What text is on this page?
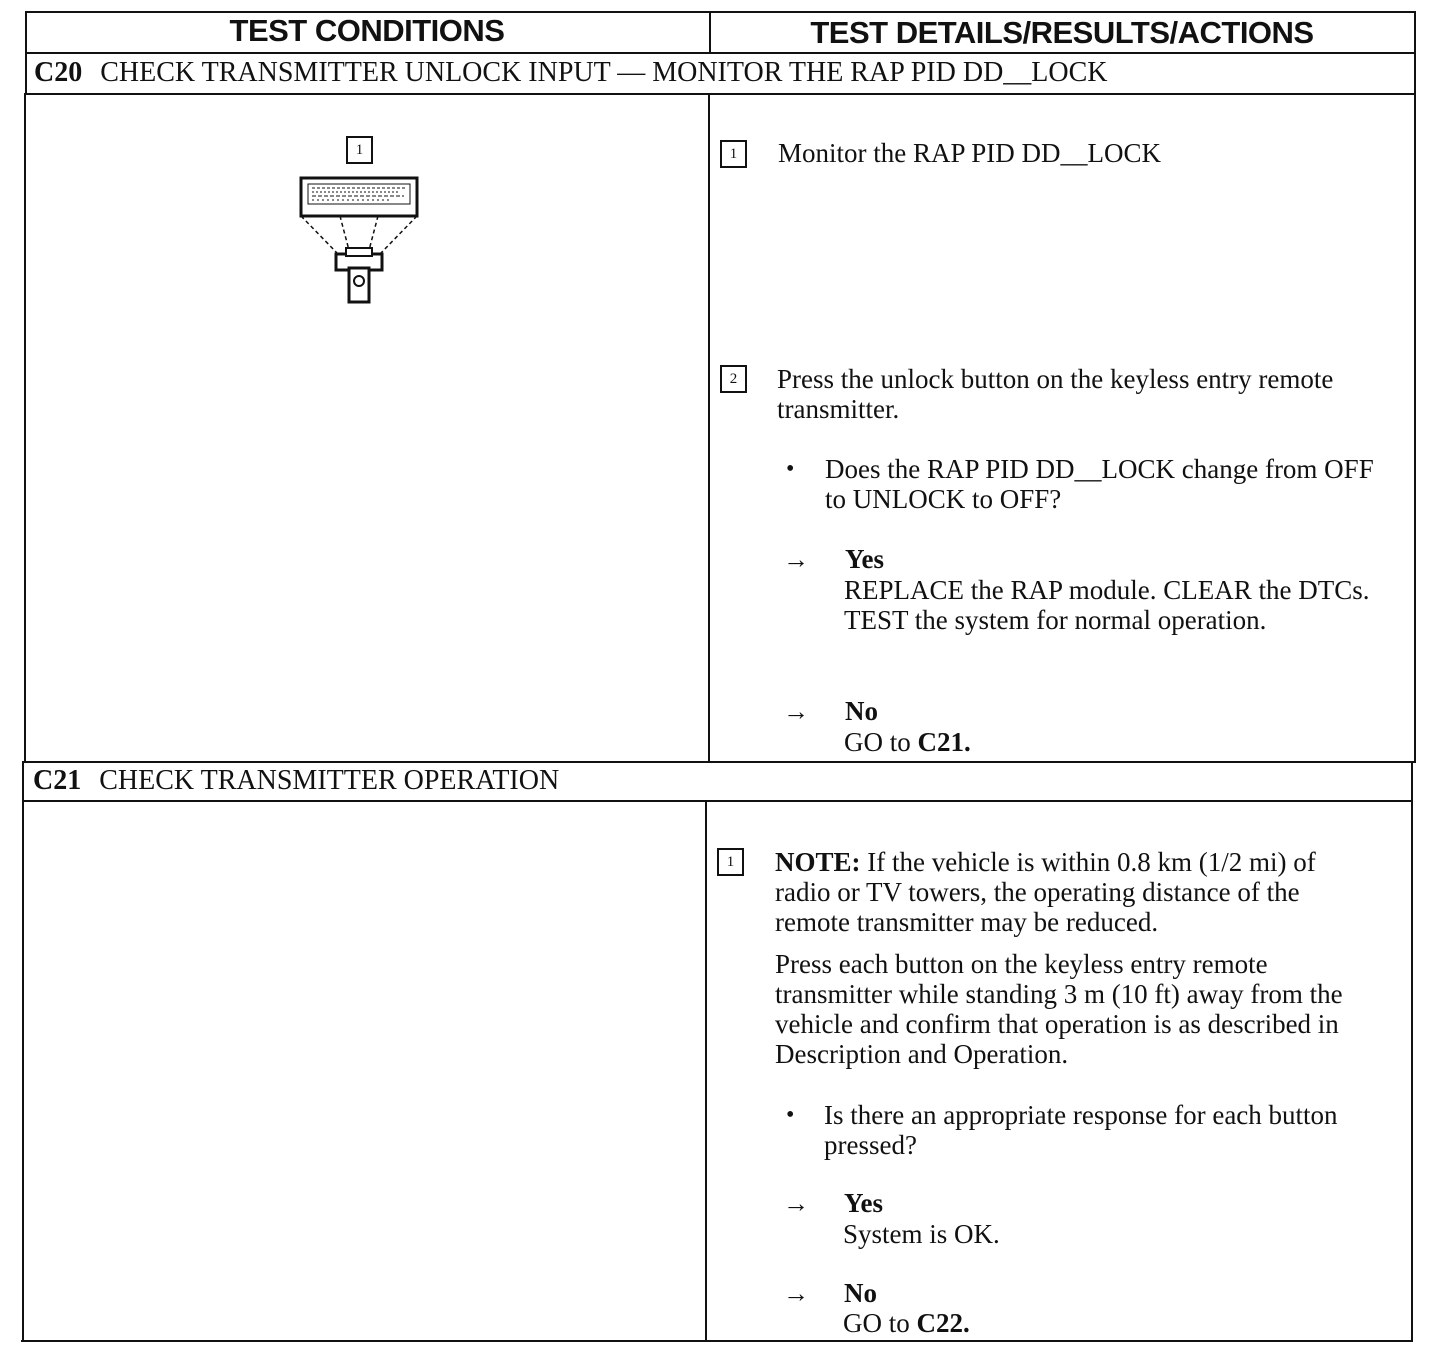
TEST CONDITIONS	TEST DETAILS/RESULTS/ACTIONS
C20 CHECK TRANSMITTER UNLOCK INPUT — MONITOR THE RAP PID DD__LOCK
1	1	Monitor the RAP PID DD__LOCK
2	Press the unlock button on the keyless entry remote transmitter.
• Does the RAP PID DD__LOCK change from OFF to UNLOCK to OFF?
→ Yes
REPLACE the RAP module. CLEAR the DTCs. TEST the system for normal operation.
→ No
GO to C21.
C21 CHECK TRANSMITTER OPERATION
1	NOTE: If the vehicle is within 0.8 km (1/2 mi) of radio or TV towers, the operating distance of the remote transmitter may be reduced.
Press each button on the keyless entry remote transmitter while standing 3 m (10 ft) away from the vehicle and confirm that operation is as described in Description and Operation.
• Is there an appropriate response for each button pressed?
→ Yes
System is OK.
→ No
GO to C22.
